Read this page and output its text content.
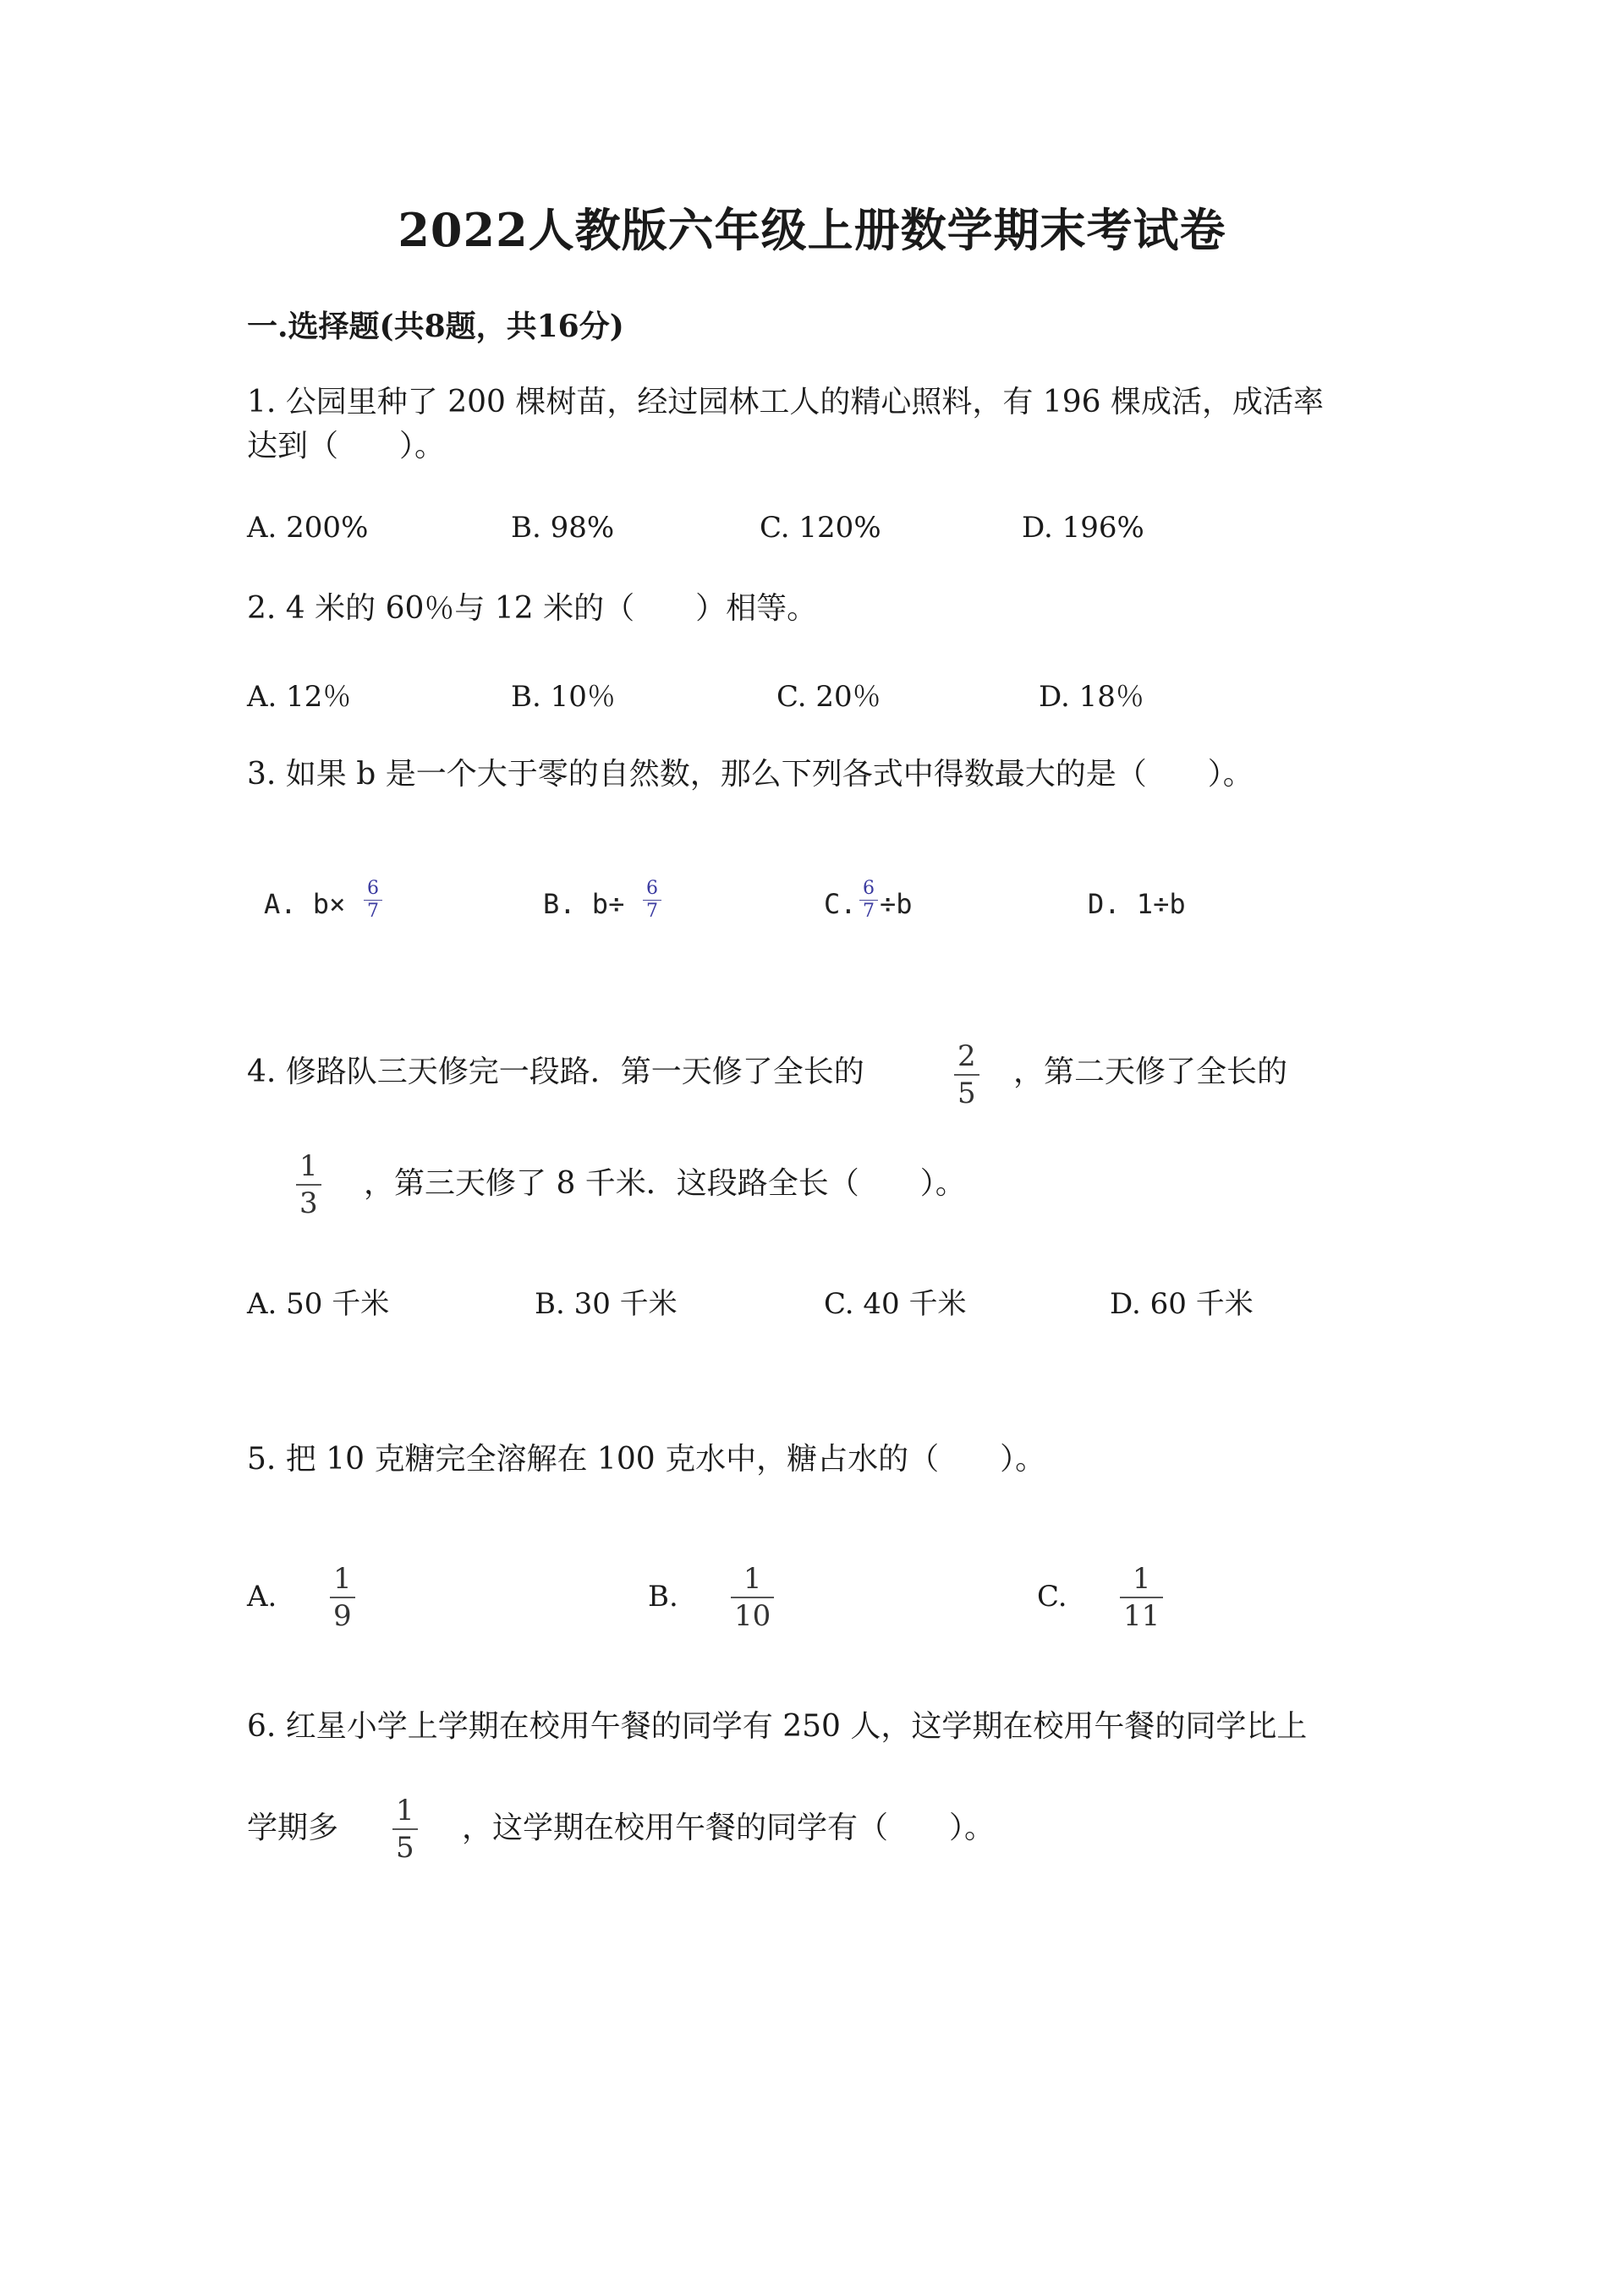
2022人教版六年级上册数学期末考试卷
一.选择题(共8题，共16分)
1. 公园里种了 200 棵树苗，经过园林工人的精心照料，有 196 棵成活，成活率
达到（　　）。
A. 200%	B. 98%	C. 120%	D. 196%
2. 4 米的 60％与 12 米的（　　）相等。
A. 12％	B. 10％	C. 20％	D. 18％
3. 如果 b 是一个大于零的自然数，那么下列各式中得数最大的是（　　）。
A. b× 6
7	B. b÷ 6
7	C. 6
7 ÷b	D. 1÷b
4. 修路队三天修完一段路．第一天修了全长的	2
5
，第二天修了全长的
1
3
，第三天修了 8 千米．这段路全长（　　）。
A. 50 千米	B. 30 千米	C. 40 千米	D. 60 千米
5. 把 10 克糖完全溶解在 100 克水中，糖占水的（　　）。
A.
1
9
B.
1
10
C.
1
11
6. 红星小学上学期在校用午餐的同学有 250 人，这学期在校用午餐的同学比上
学期多 1
5
，这学期在校用午餐的同学有（　　）。
